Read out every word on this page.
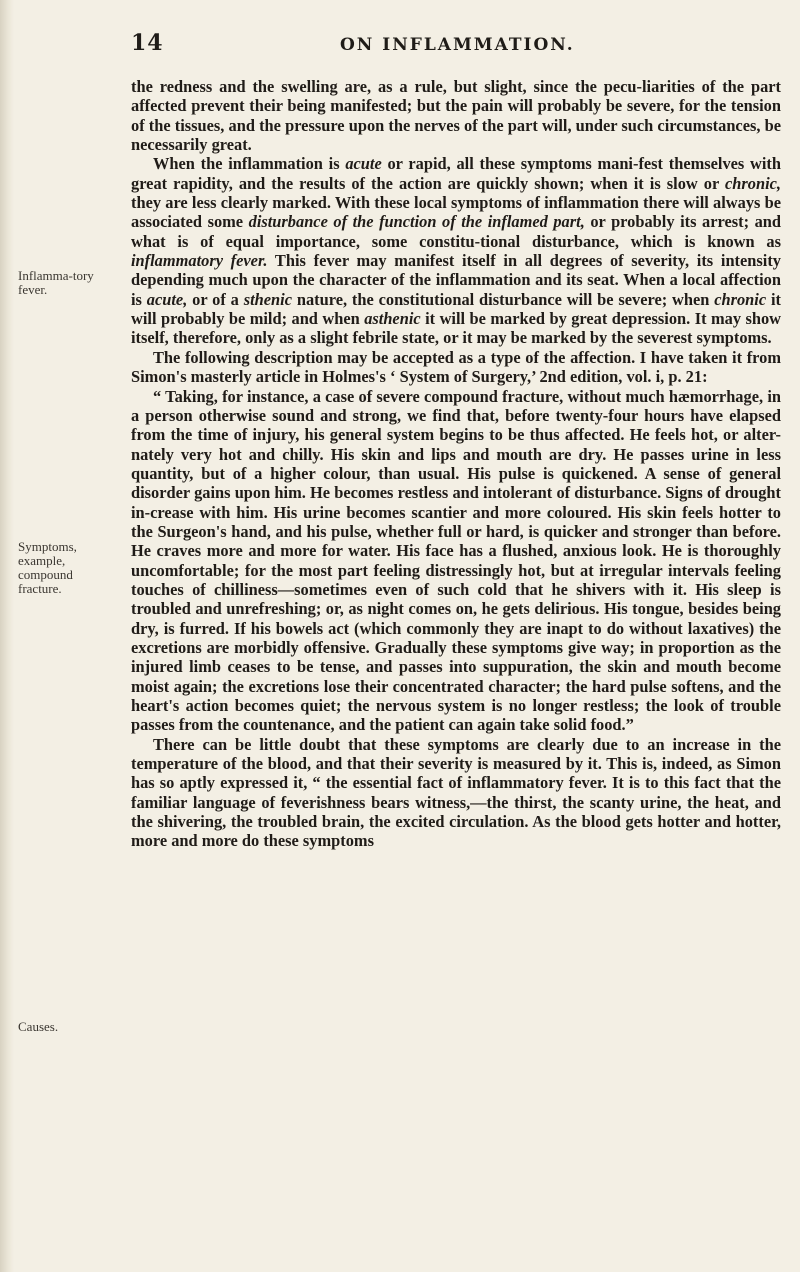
14	ON INFLAMMATION.
Inflamma-tory fever.
Symptoms, example, compound fracture.
Causes.

the redness and the swelling are, as a rule, but slight, since the pecu-liarities of the part affected prevent their being manifested; but the pain will probably be severe, for the tension of the tissues, and the pressure upon the nerves of the part will, under such circumstances, be necessarily great.

When the inflammation is acute or rapid, all these symptoms mani-fest themselves with great rapidity, and the results of the action are quickly shown; when it is slow or chronic, they are less clearly marked. With these local symptoms of inflammation there will always be associated some disturbance of the function of the inflamed part, or probably its arrest; and what is of equal importance, some constitu-tional disturbance, which is known as inflammatory fever. This fever may manifest itself in all degrees of severity, its intensity depending much upon the character of the inflammation and its seat. When a local affection is acute, or of a sthenic nature, the constitutional disturbance will be severe; when chronic it will probably be mild; and when asthenic it will be marked by great depression. It may show itself, therefore, only as a slight febrile state, or it may be marked by the severest symptoms.

The following description may be accepted as a type of the affection. I have taken it from Simon's masterly article in Holmes's ‘ System of Surgery,’ 2nd edition, vol. i, p. 21:

“ Taking, for instance, a case of severe compound fracture, without much hæmorrhage, in a person otherwise sound and strong, we find that, before twenty-four hours have elapsed from the time of injury, his general system begins to be thus affected. He feels hot, or alter-nately very hot and chilly. His skin and lips and mouth are dry. He passes urine in less quantity, but of a higher colour, than usual. His pulse is quickened. A sense of general disorder gains upon him. He becomes restless and intolerant of disturbance. Signs of drought in-crease with him. His urine becomes scantier and more coloured. His skin feels hotter to the Surgeon's hand, and his pulse, whether full or hard, is quicker and stronger than before. He craves more and more for water. His face has a flushed, anxious look. He is thoroughly uncomfortable; for the most part feeling distressingly hot, but at irregular intervals feeling touches of chilliness—sometimes even of such cold that he shivers with it. His sleep is troubled and unrefreshing; or, as night comes on, he gets delirious. His tongue, besides being dry, is furred. If his bowels act (which commonly they are inapt to do without laxatives) the excretions are morbidly offensive. Gradually these symptoms give way; in proportion as the injured limb ceases to be tense, and passes into suppuration, the skin and mouth become moist again; the excretions lose their concentrated character; the hard pulse softens, and the heart's action becomes quiet; the nervous system is no longer restless; the look of trouble passes from the countenance, and the patient can again take solid food.”

There can be little doubt that these symptoms are clearly due to an increase in the temperature of the blood, and that their severity is measured by it. This is, indeed, as Simon has so aptly expressed it, “ the essential fact of inflammatory fever. It is to this fact that the familiar language of feverishness bears witness,—the thirst, the scanty urine, the heat, and the shivering, the troubled brain, the excited circulation. As the blood gets hotter and hotter, more and more do these symptoms
